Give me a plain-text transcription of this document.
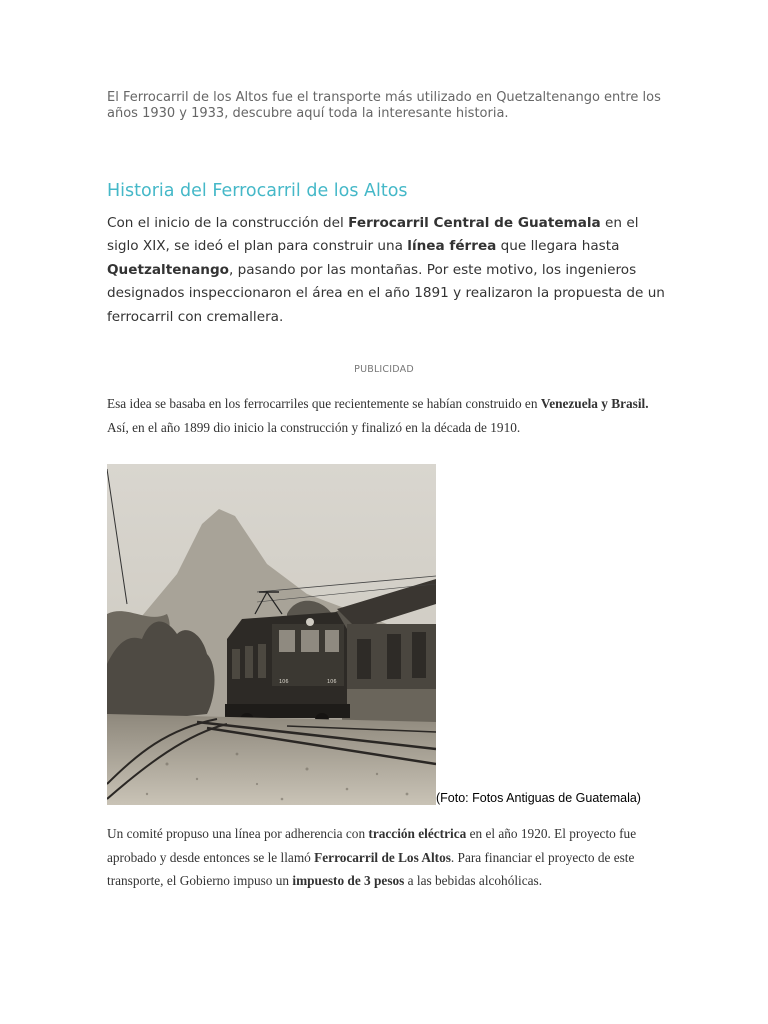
El Ferrocarril de los Altos fue el transporte más utilizado en Quetzaltenango entre los años 1930 y 1933, descubre aquí toda la interesante historia.

Historia del Ferrocarril de los Altos

Con el inicio de la construcción del Ferrocarril Central de Guatemala en el siglo XIX, se ideó el plan para construir una línea férrea que llegara hasta Quetzaltenango, pasando por las montañas. Por este motivo, los ingenieros designados inspeccionaron el área en el año 1891 y realizaron la propuesta de un ferrocarril con cremallera.

PUBLICIDAD

Esa idea se basaba en los ferrocarriles que recientemente se habían construido en Venezuela y Brasil. Así, en el año 1899 dio inicio la construcción y finalizó en la década de 1910.

106	106

(Foto: Fotos Antiguas de Guatemala)

Un comité propuso una línea por adherencia con tracción eléctrica en el año 1920. El proyecto fue aprobado y desde entonces se le llamó Ferrocarril de Los Altos. Para financiar el proyecto de este transporte, el Gobierno impuso un impuesto de 3 pesos a las bebidas alcohólicas.
